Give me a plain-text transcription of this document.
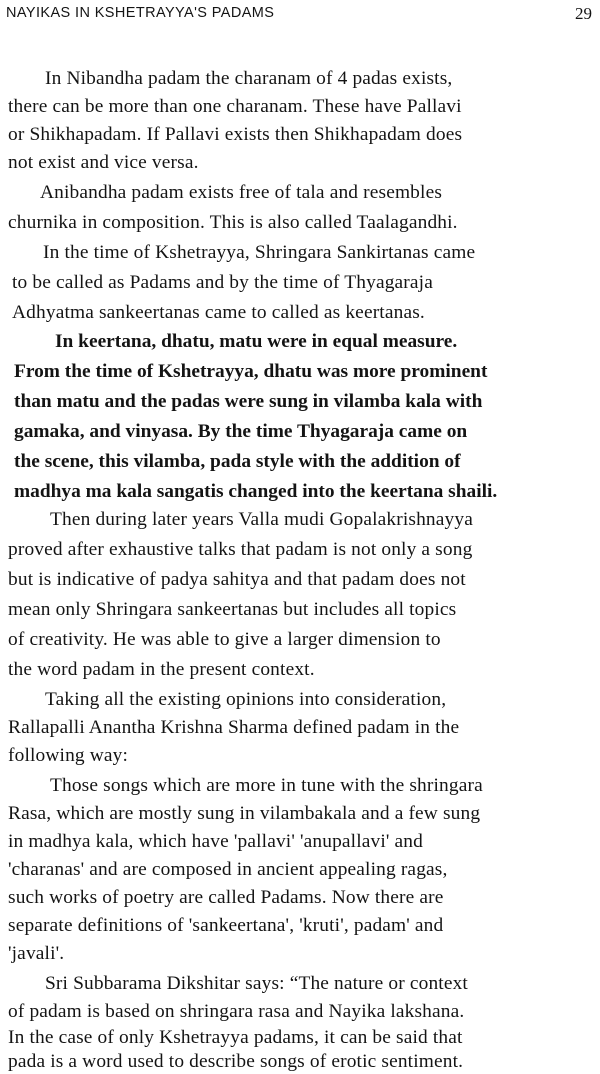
NAYIKAS IN KSHETRAYYA'S PADAMS	29
In Nibandha padam the charanam of 4 padas exists,
there can be more than one charanam. These have Pallavi
or Shikhapadam. If Pallavi exists then Shikhapadam does
not exist and vice versa.
Anibandha padam exists free of tala and resembles
churnika in composition. This is also called Taalagandhi.
In the time of Kshetrayya, Shringara Sankirtanas came
to be called as Padams and by the time of Thyagaraja
Adhyatma sankeertanas came to called as keertanas.
In keertana, dhatu, matu were in equal measure.
From the time of Kshetrayya, dhatu was more prominent
than matu and the padas were sung in vilamba kala with
gamaka, and vinyasa. By the time Thyagaraja came on
the scene, this vilamba, pada style with the addition of
madhya ma kala sangatis changed into the keertana shaili.
Then during later years Valla mudi Gopalakrishnayya
proved after exhaustive talks that padam is not only a song
but is indicative of padya sahitya and that padam does not
mean only Shringara sankeertanas but includes all topics
of creativity. He was able to give a larger dimension to
the word padam in the present context.
Taking all the existing opinions into consideration,
Rallapalli Anantha Krishna Sharma defined padam in the
following way:
Those songs which are more in tune with the shringara
Rasa, which are mostly sung in vilambakala and a few sung
in madhya kala, which have 'pallavi' 'anupallavi' and
'charanas' and are composed in ancient appealing ragas,
such works of poetry are called Padams. Now there are
separate definitions of 'sankeertana', 'kruti', padam' and
'javali'.
Sri Subbarama Dikshitar says: “The nature or context
of padam is based on shringara rasa and Nayika lakshana.
In the case of only Kshetrayya padams, it can be said that
pada is a word used to describe songs of erotic sentiment.
